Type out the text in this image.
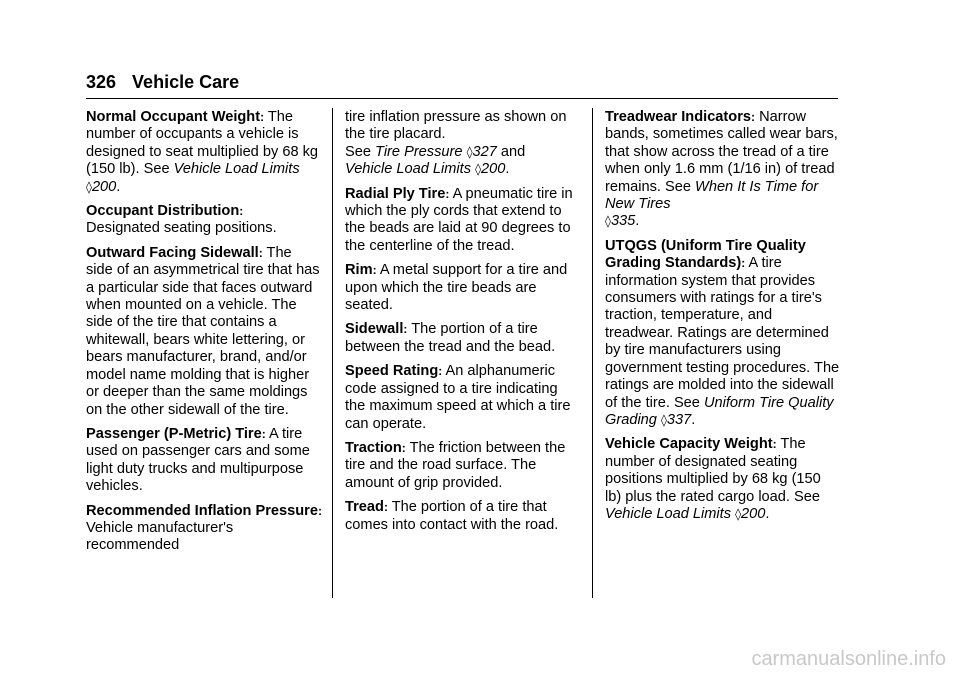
326 Vehicle Care

Normal Occupant Weight: The number of occupants a vehicle is designed to seat multiplied by 68 kg (150 lb). See Vehicle Load Limits ◊200.

Occupant Distribution:
Designated seating positions.

Outward Facing Sidewall: The side of an asymmetrical tire that has a particular side that faces outward when mounted on a vehicle. The side of the tire that contains a whitewall, bears white lettering, or bears manufacturer, brand, and/or model name molding that is higher or deeper than the same moldings on the other sidewall of the tire.

Passenger (P-Metric) Tire: A tire used on passenger cars and some light duty trucks and multipurpose vehicles.

Recommended Inflation Pressure: Vehicle manufacturer's recommended

tire inflation pressure as shown on the tire placard.
See Tire Pressure ◊327 and
Vehicle Load Limits ◊200.

Radial Ply Tire: A pneumatic tire in which the ply cords that extend to the beads are laid at 90 degrees to the centerline of the tread.

Rim: A metal support for a tire and upon which the tire beads are seated.

Sidewall: The portion of a tire between the tread and the bead.

Speed Rating: An alphanumeric code assigned to a tire indicating the maximum speed at which a tire can operate.

Traction: The friction between the tire and the road surface. The amount of grip provided.

Tread: The portion of a tire that comes into contact with the road.

Treadwear Indicators: Narrow bands, sometimes called wear bars, that show across the tread of a tire when only 1.6 mm (1/16 in) of tread remains. See When It Is Time for New Tires
◊335.

UTQGS (Uniform Tire Quality Grading Standards): A tire information system that provides consumers with ratings for a tire's traction, temperature, and treadwear. Ratings are determined by tire manufacturers using government testing procedures. The ratings are molded into the sidewall of the tire. See Uniform Tire Quality Grading ◊337.

Vehicle Capacity Weight: The number of designated seating positions multiplied by 68 kg (150 lb) plus the rated cargo load. See Vehicle Load Limits ◊200.

carmanualsonline.info
